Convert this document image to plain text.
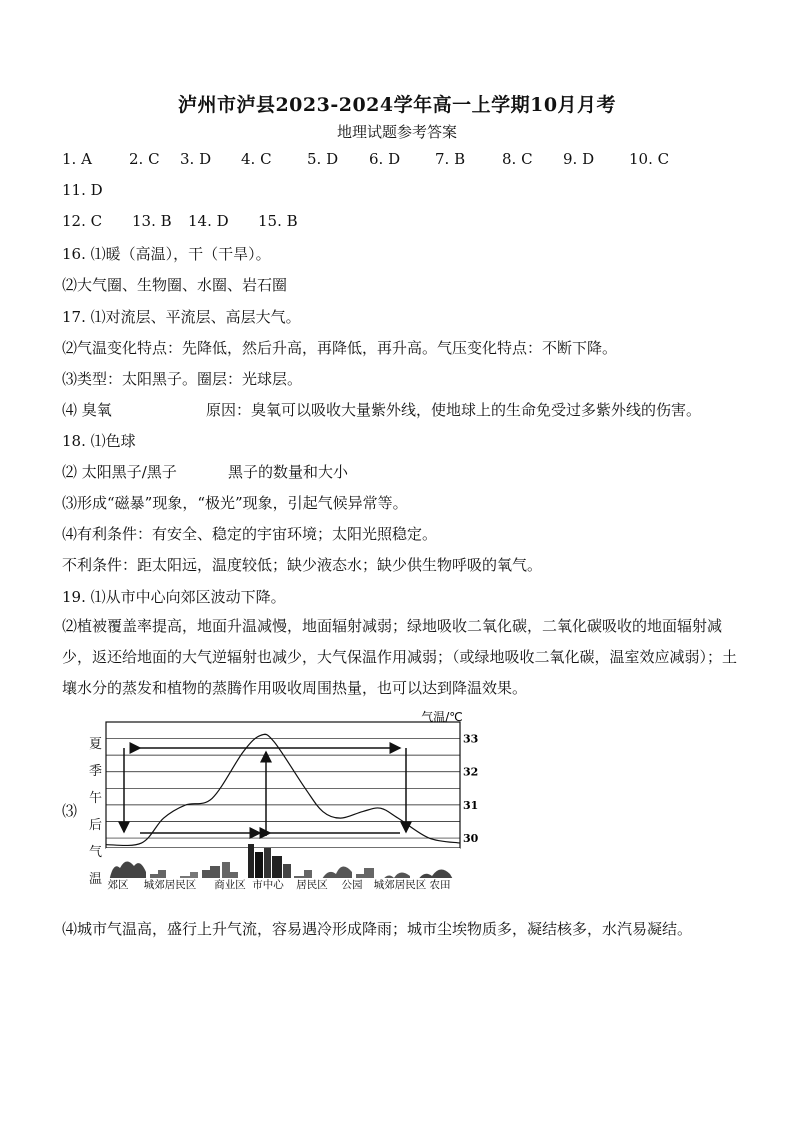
泸州市泸县2023-2024学年高一上学期10月月考
地理试题参考答案
1. A 2. C 3. D 4. C 5. D 6. D 7. B 8. C 9. D 10. C
11. D
12. C 13. B 14. D 15. B
16. ⑴暖（高温），干（干旱）。
⑵大气圈、生物圈、水圈、岩石圈
17. ⑴对流层、平流层、高层大气。
⑵气温变化特点：先降低，然后升高，再降低，再升高。气压变化特点：不断下降。
⑶类型：太阳黑子。圈层：光球层。
⑷ 臭氧	原因：臭氧可以吸收大量紫外线，使地球上的生命免受过多紫外线的伤害。
18. ⑴色球
⑵ 太阳黑子/黑子	黑子的数量和大小
⑶形成“磁暴”现象，“极光”现象，引起气候异常等。
⑷有利条件：有安全、稳定的宇宙环境；太阳光照稳定。
不利条件：距太阳远，温度较低；缺少液态水；缺少供生物呼吸的氧气。
19. ⑴从市中心向郊区波动下降。
⑵植被覆盖率提高，地面升温减慢，地面辐射减弱；绿地吸收二氧化碳，二氧化碳吸收的地面辐射减少，返还给地面的大气逆辐射也减少，大气保温作用减弱；（或绿地吸收二氧化碳，温室效应减弱）；土壤水分的蒸发和植物的蒸腾作用吸收周围热量，也可以达到降温效果。
⑶
夏
季
午
后
气
温
气温/℃
30
31
32
33
郊区 城郊居民区 商业区 市中心 居民区 公园 城郊居民区 农田
⑷城市气温高，盛行上升气流，容易遇冷形成降雨；城市尘埃物质多，凝结核多，水汽易凝结。
